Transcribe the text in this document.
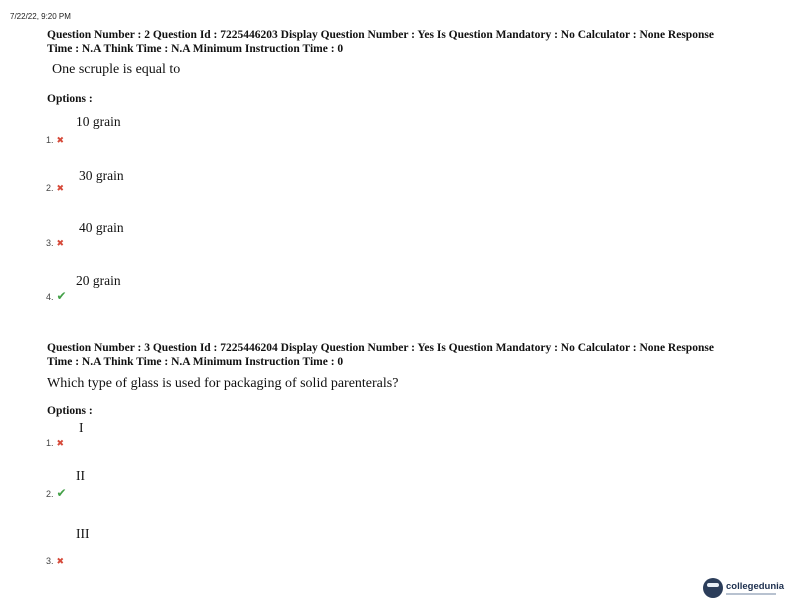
7/22/22, 9:20 PM
Question Number : 2 Question Id : 7225446203 Display Question Number : Yes Is Question Mandatory : No Calculator : None Response
Time : N.A Think Time : N.A Minimum Instruction Time : 0
One scruple is equal to
Options :
10 grain
1. ✖
30 grain
2. ✖
40 grain
3. ✖
20 grain
4. ✔
Question Number : 3 Question Id : 7225446204 Display Question Number : Yes Is Question Mandatory : No Calculator : None Response
Time : N.A Think Time : N.A Minimum Instruction Time : 0
Which type of glass is used for packaging of solid parenterals?
Options :
I
1. ✖
II
2. ✔
III
3. ✖
collegedunia
